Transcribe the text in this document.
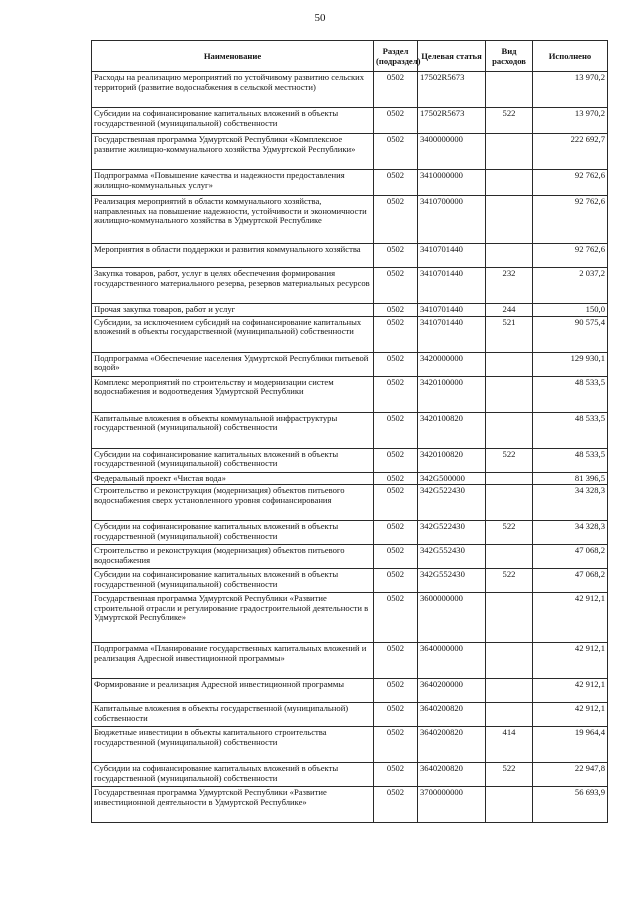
50
Наименование	Раздел (подраздел)	Целевая статья	Вид расходов	Исполнено
Расходы на реализацию мероприятий по устойчивому развитию сельских территорий (развитие водоснабжения в сельской местности)	0502	17502R5673		13 970,2
Субсидии на софинансирование капитальных вложений в объекты государственной (муниципальной) собственности	0502	17502R5673	522	13 970,2
Государственная программа Удмуртской Республики «Комплексное развитие жилищно-коммунального хозяйства Удмуртской Республики»	0502	3400000000		222 692,7
Подпрограмма «Повышение качества и надежности предоставления жилищно-коммунальных услуг»	0502	3410000000		92 762,6
Реализация мероприятий в области коммунального хозяйства, направленных на повышение надежности, устойчивости и экономичности жилищно-коммунального хозяйства в Удмуртской Республике	0502	3410700000		92 762,6
Мероприятия в области поддержки и развития коммунального хозяйства	0502	3410701440		92 762,6
Закупка товаров, работ, услуг в целях обеспечения формирования государственного материального резерва, резервов материальных ресурсов	0502	3410701440	232	2 037,2
Прочая закупка товаров, работ и услуг	0502	3410701440	244	150,0
Субсидии, за исключением субсидий на софинансирование капитальных вложений в объекты государственной (муниципальной) собственности	0502	3410701440	521	90 575,4
Подпрограмма «Обеспечение населения Удмуртской Республики питьевой водой»	0502	3420000000		129 930,1
Комплекс мероприятий по строительству и модернизации систем водоснабжения и водоотведения Удмуртской Республики	0502	3420100000		48 533,5
Капитальные вложения в объекты коммунальной инфраструктуры государственной (муниципальной) собственности	0502	3420100820		48 533,5
Субсидии на софинансирование капитальных вложений в объекты государственной (муниципальной) собственности	0502	3420100820	522	48 533,5
Федеральный проект «Чистая вода»	0502	342G500000		81 396,5
Строительство и реконструкция (модернизация) объектов питьевого водоснабжения сверх установленного уровня софинансирования	0502	342G522430		34 328,3
Субсидии на софинансирование капитальных вложений в объекты государственной (муниципальной) собственности	0502	342G522430	522	34 328,3
Строительство и реконструкция (модернизация) объектов питьевого водоснабжения	0502	342G552430		47 068,2
Субсидии на софинансирование капитальных вложений в объекты государственной (муниципальной) собственности	0502	342G552430	522	47 068,2
Государственная программа Удмуртской Республики «Развитие строительной отрасли и регулирование градостроительной деятельности в Удмуртской Республике»	0502	3600000000		42 912,1
Подпрограмма «Планирование государственных капитальных вложений и реализация Адресной инвестиционной программы»	0502	3640000000		42 912,1
Формирование и реализация Адресной инвестиционной программы	0502	3640200000		42 912,1
Капитальные вложения в объекты государственной (муниципальной) собственности	0502	3640200820		42 912,1
Бюджетные инвестиции в объекты капитального строительства государственной (муниципальной) собственности	0502	3640200820	414	19 964,4
Субсидии на софинансирование капитальных вложений в объекты государственной (муниципальной) собственности	0502	3640200820	522	22 947,8
Государственная программа Удмуртской Республики «Развитие инвестиционной деятельности в Удмуртской Республике»	0502	3700000000		56 693,9
